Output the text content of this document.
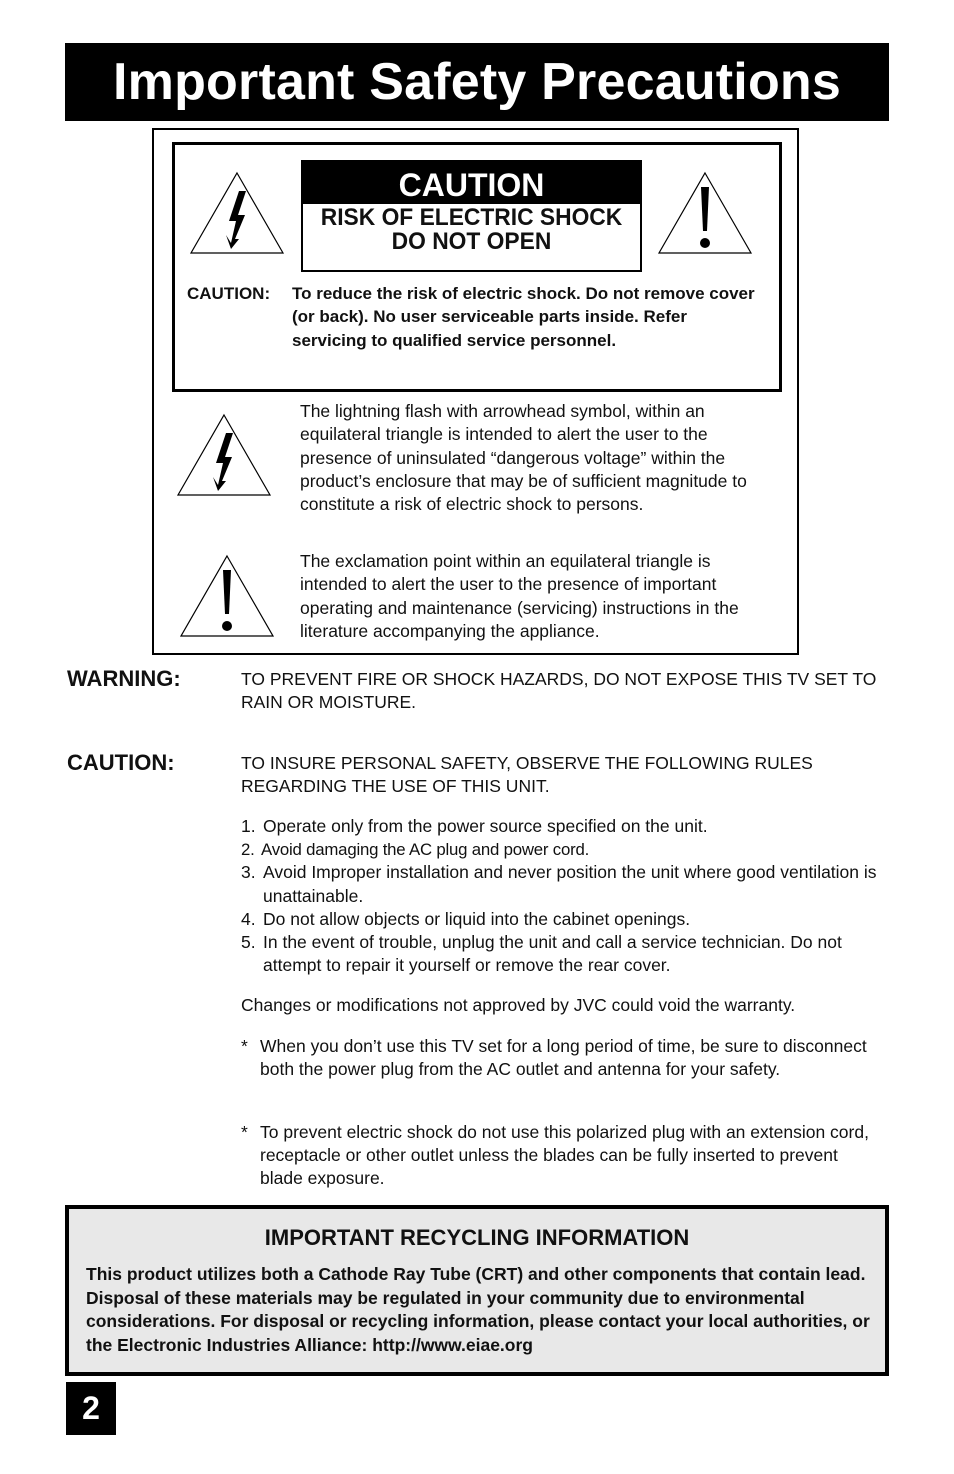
Important Safety Precautions
CAUTION
RISK OF ELECTRIC SHOCK
DO NOT OPEN
CAUTION: To reduce the risk of electric shock. Do not remove cover (or back). No user serviceable parts inside. Refer servicing to qualified service personnel.
The lightning flash with arrowhead symbol, within an equilateral triangle is intended to alert the user to the presence of uninsulated “dangerous voltage” within the product’s enclosure that may be of sufficient magnitude to constitute a risk of electric shock to persons.
The exclamation point within an equilateral triangle is intended to alert the user to the presence of important operating and maintenance (servicing) instructions in the literature accompanying the appliance.
WARNING:	TO PREVENT FIRE OR SHOCK HAZARDS, DO NOT EXPOSE THIS TV SET TO RAIN OR MOISTURE.
CAUTION:	TO INSURE PERSONAL SAFETY, OBSERVE THE FOLLOWING RULES REGARDING THE USE OF THIS UNIT.
1. Operate only from the power source specified on the unit.
2. Avoid damaging the AC plug and power cord.
3. Avoid Improper installation and never position the unit where good ventilation is unattainable.
4. Do not allow objects or liquid into the cabinet openings.
5. In the event of trouble, unplug the unit and call a service technician. Do not attempt to repair it yourself or remove the rear cover.
Changes or modifications not approved by JVC could void the warranty.
* When you don’t use this TV set for a long period of time, be sure to disconnect both the power plug from the AC outlet and antenna for your safety.
* To prevent electric shock do not use this polarized plug with an extension cord, receptacle or other outlet unless the blades can be fully inserted to prevent blade exposure.
IMPORTANT RECYCLING INFORMATION
This product utilizes both a Cathode Ray Tube (CRT) and other components that contain lead. Disposal of these materials may be regulated in your community due to environmental considerations. For disposal or recycling information, please contact your local authorities, or the Electronic Industries Alliance: http://www.eiae.org
2
